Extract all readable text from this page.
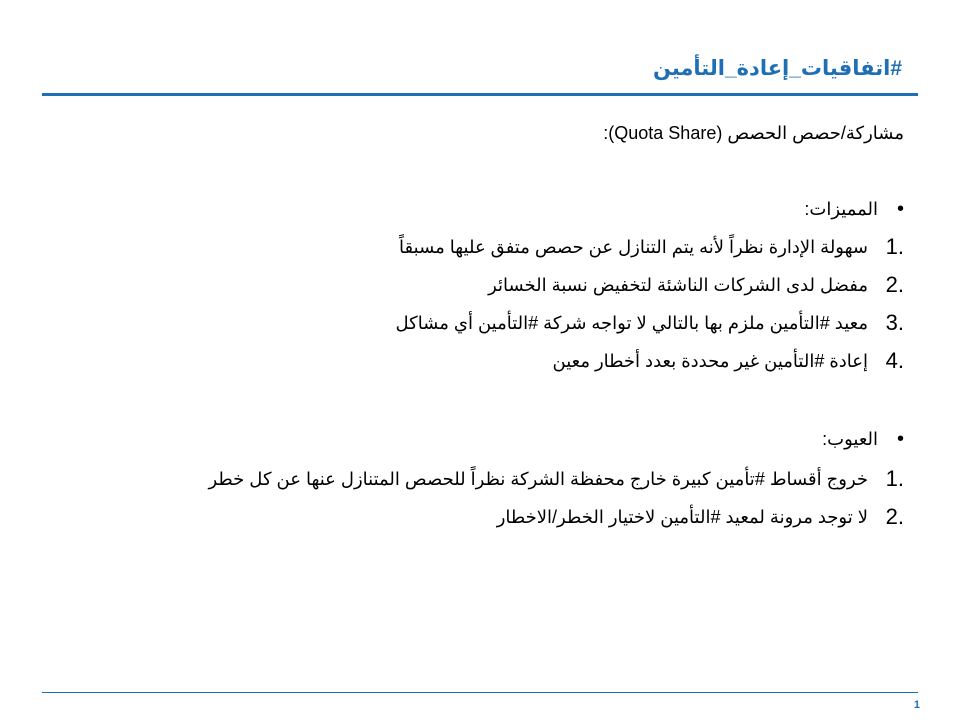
#اتفاقيات_إعادة_التأمين
مشاركة/حصص الحصص (Quota Share):
•
المميزات:
1.
سهولة الإدارة نظراً لأنه يتم التنازل عن حصص متفق عليها مسبقاً
2.
مفضل لدى الشركات الناشئة لتخفيض نسبة الخسائر
3.
معيد #التأمين ملزم بها بالتالي لا تواجه شركة #التأمين أي مشاكل
4.
إعادة #التأمين غير محددة بعدد أخطار معين
•
العيوب:
1.
خروج أقساط #تأمين كبيرة خارج محفظة الشركة نظراً للحصص المتنازل عنها عن كل خطر
2.
لا توجد مرونة لمعيد #التأمين لاختيار الخطر/الاخطار
1
